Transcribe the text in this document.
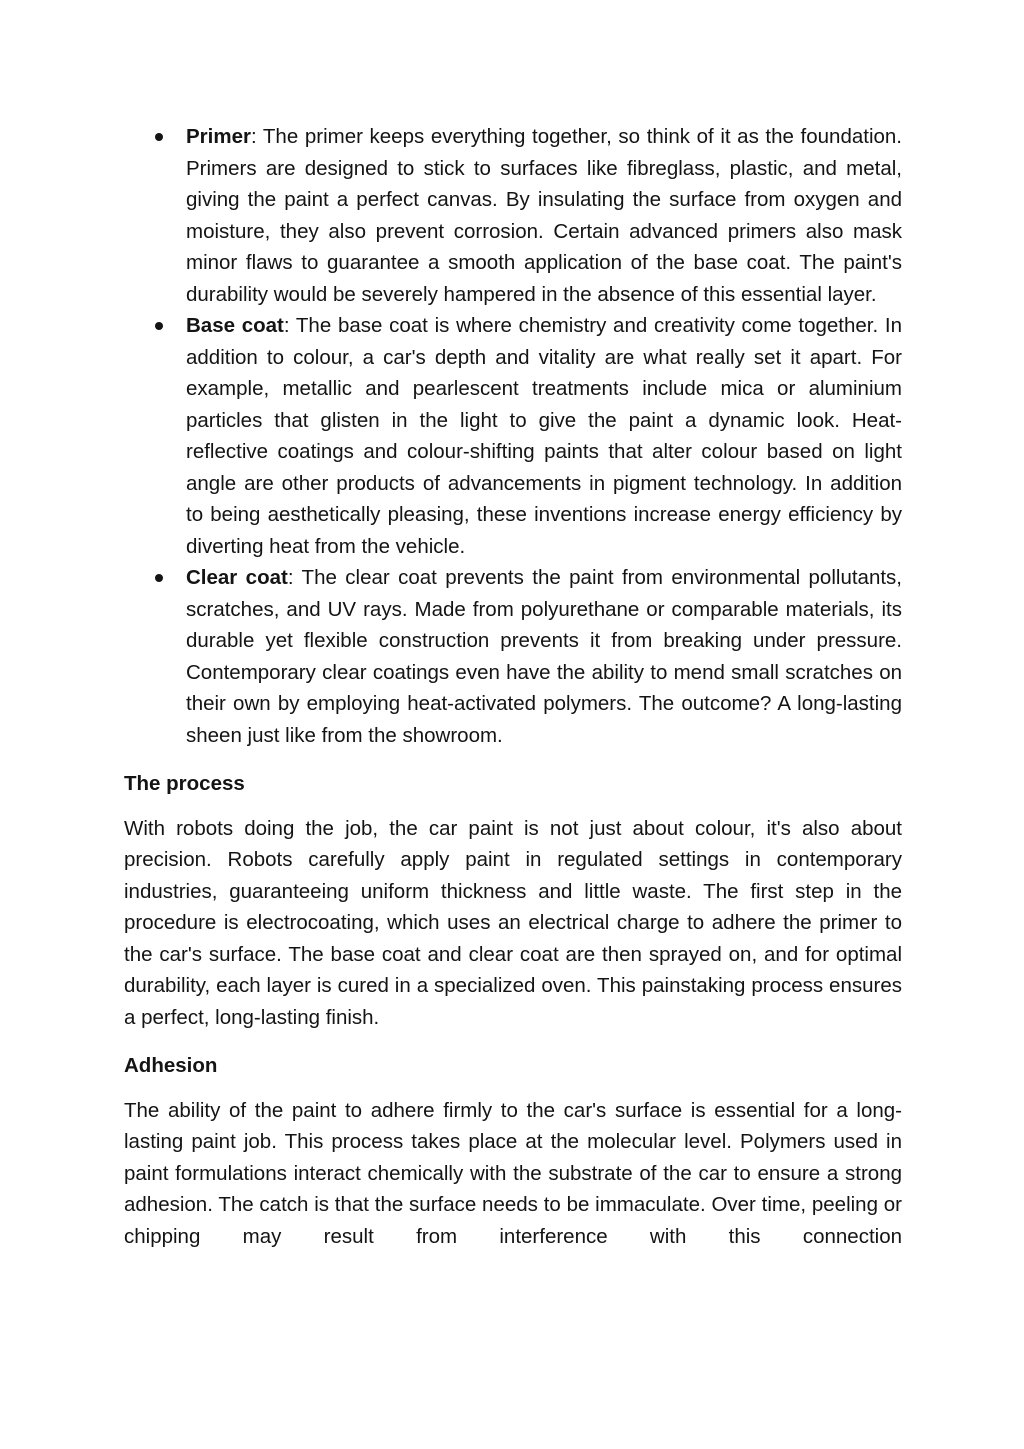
Primer: The primer keeps everything together, so think of it as the foundation. Primers are designed to stick to surfaces like fibreglass, plastic, and metal, giving the paint a perfect canvas. By insulating the surface from oxygen and moisture, they also prevent corrosion. Certain advanced primers also mask minor flaws to guarantee a smooth application of the base coat. The paint's durability would be severely hampered in the absence of this essential layer.
Base coat: The base coat is where chemistry and creativity come together. In addition to colour, a car's depth and vitality are what really set it apart. For example, metallic and pearlescent treatments include mica or aluminium particles that glisten in the light to give the paint a dynamic look. Heat-reflective coatings and colour-shifting paints that alter colour based on light angle are other products of advancements in pigment technology. In addition to being aesthetically pleasing, these inventions increase energy efficiency by diverting heat from the vehicle.
Clear coat: The clear coat prevents the paint from environmental pollutants, scratches, and UV rays. Made from polyurethane or comparable materials, its durable yet flexible construction prevents it from breaking under pressure. Contemporary clear coatings even have the ability to mend small scratches on their own by employing heat-activated polymers. The outcome? A long-lasting sheen just like from the showroom.
The process

With robots doing the job, the car paint is not just about colour, it's also about precision. Robots carefully apply paint in regulated settings in contemporary industries, guaranteeing uniform thickness and little waste. The first step in the procedure is electrocoating, which uses an electrical charge to adhere the primer to the car's surface. The base coat and clear coat are then sprayed on, and for optimal durability, each layer is cured in a specialized oven. This painstaking process ensures a perfect, long-lasting finish.

Adhesion

The ability of the paint to adhere firmly to the car's surface is essential for a long-lasting paint job. This process takes place at the molecular level. Polymers used in paint formulations interact chemically with the substrate of the car to ensure a strong adhesion. The catch is that the surface needs to be immaculate. Over time, peeling or chipping may result from interference with this connection
